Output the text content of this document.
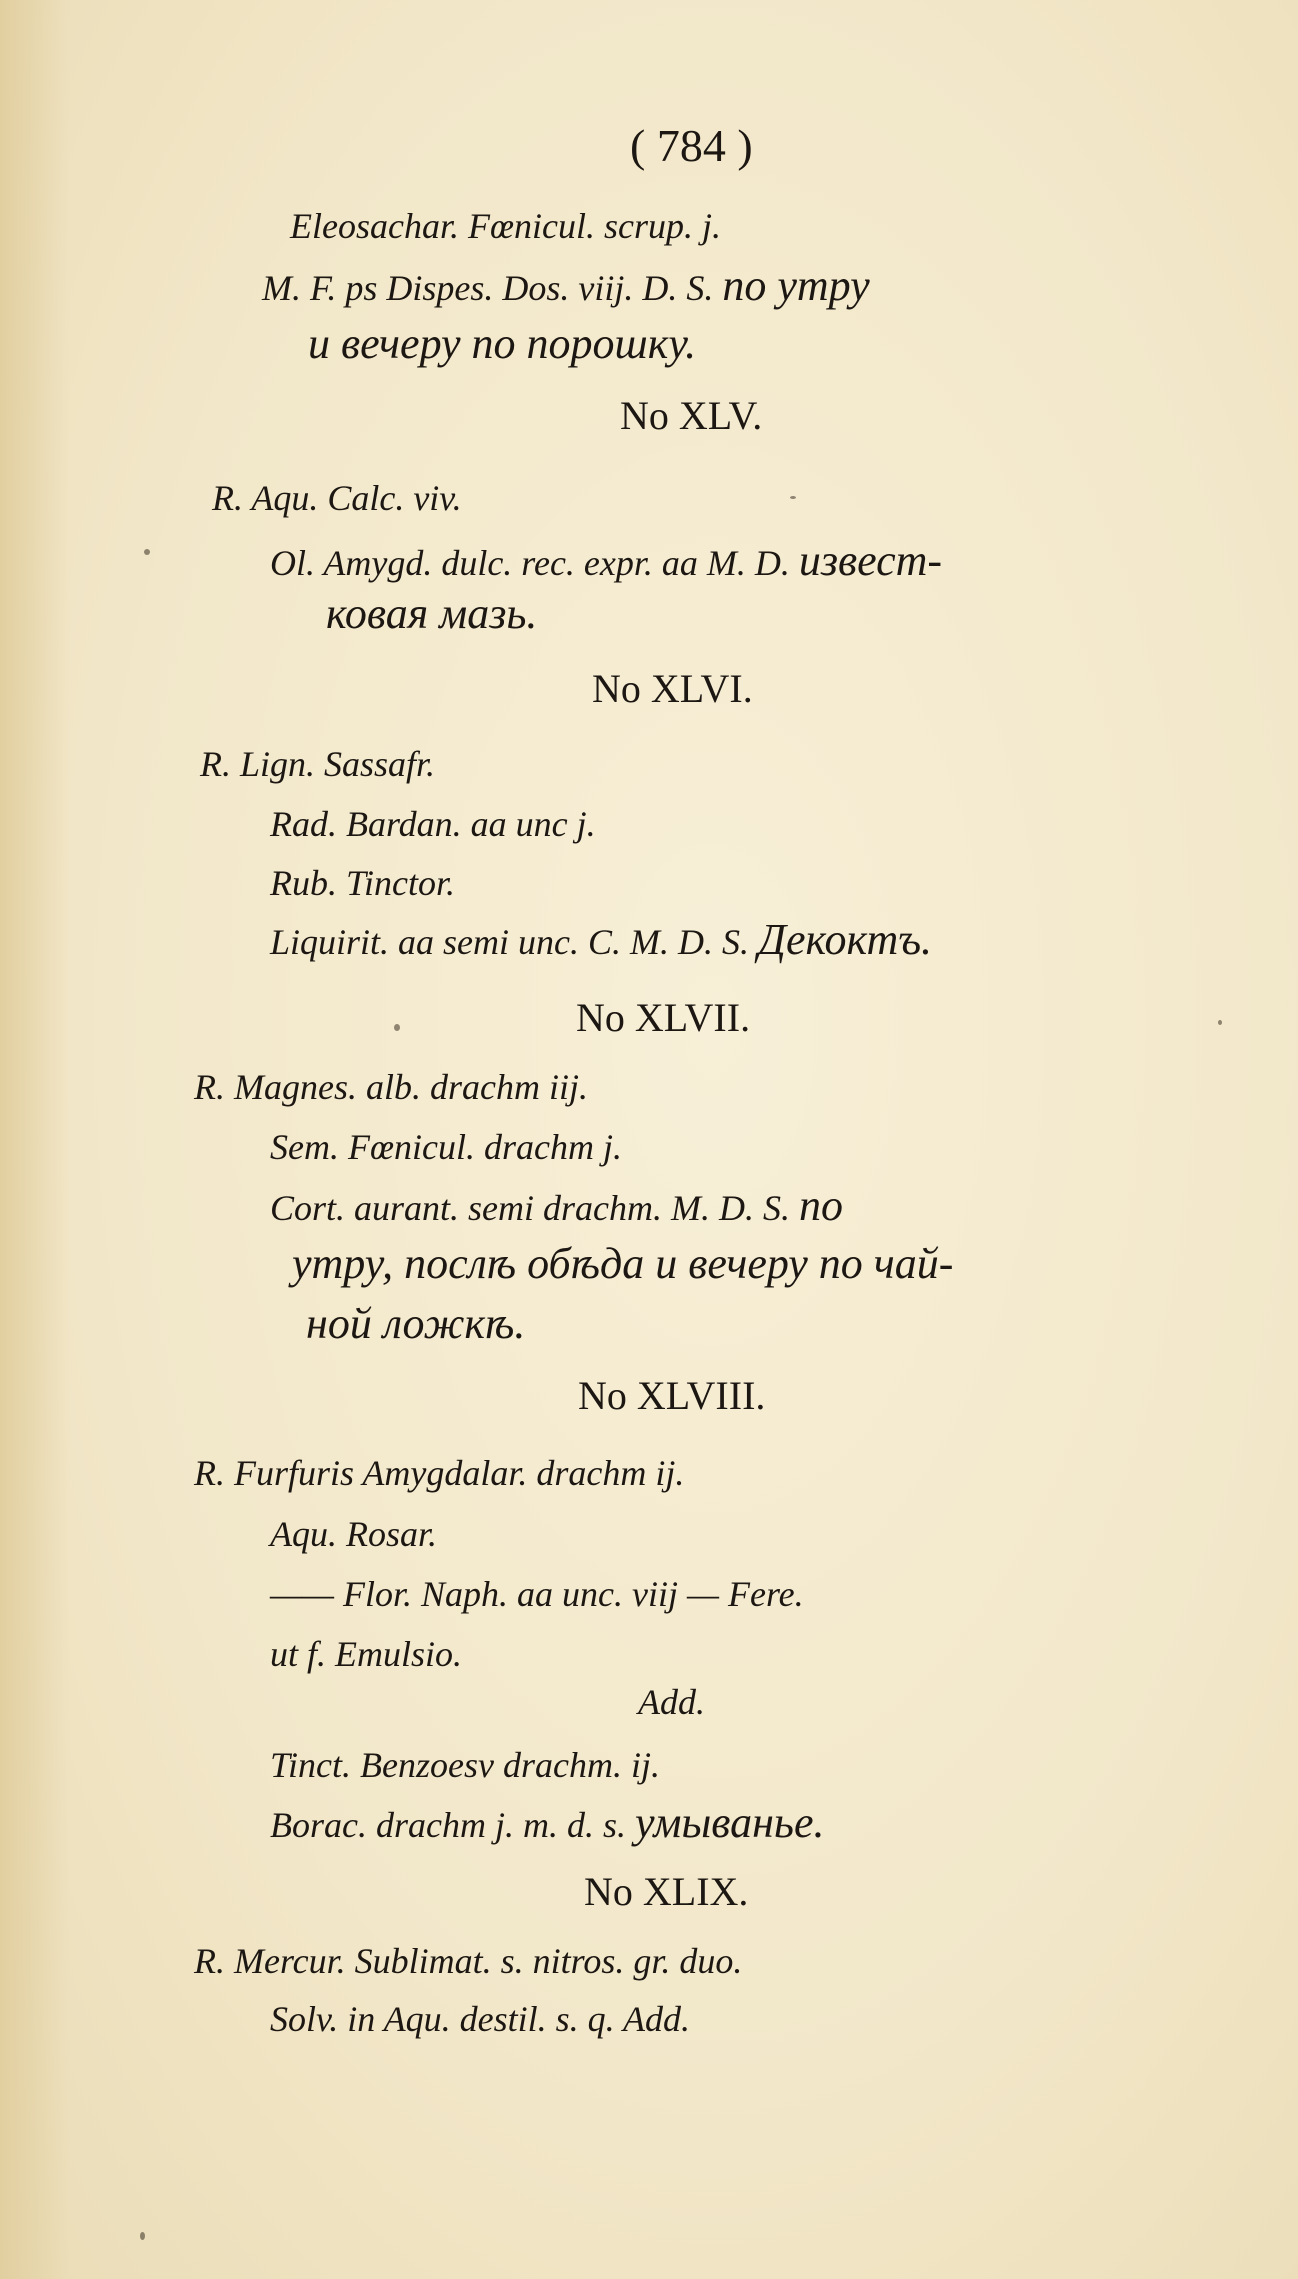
( 784 )
Eleosachar. Fœnicul. scrup. j.
M. F. ps Dispes. Dos. viij. D. S. по утру
и вечеру по порошку.
No XLV.
R. Aqu. Calc. viv.
Ol. Amygd. dulc. rec. expr. aa M. D. извест-
ковая мазь.
No XLVI.
R. Lign. Sassafr.
Rad. Bardan. aa unc j.
Rub. Tinctor.
Liquirit. aa semi unc. C. M. D. S. Декоктъ.
No XLVII.
R. Magnes. alb. drachm iij.
Sem. Fœnicul. drachm j.
Cort. aurant. semi drachm. M. D. S. по
утру, послѣ обѣда и вечеру по чай-
ной ложкѣ.
No XLVIII.
R. Furfuris Amygdalar. drachm ij.
Aqu. Rosar.
—— Flor. Naph. aa unc. viij — Fere.
ut f. Emulsio.
Add.
Tinct. Benzoesv drachm. ij.
Borac. drachm j. m. d. s. умыванье.
No XLIX.
R. Mercur. Sublimat. s. nitros. gr. duo.
Solv. in Aqu. destil. s. q. Add.
